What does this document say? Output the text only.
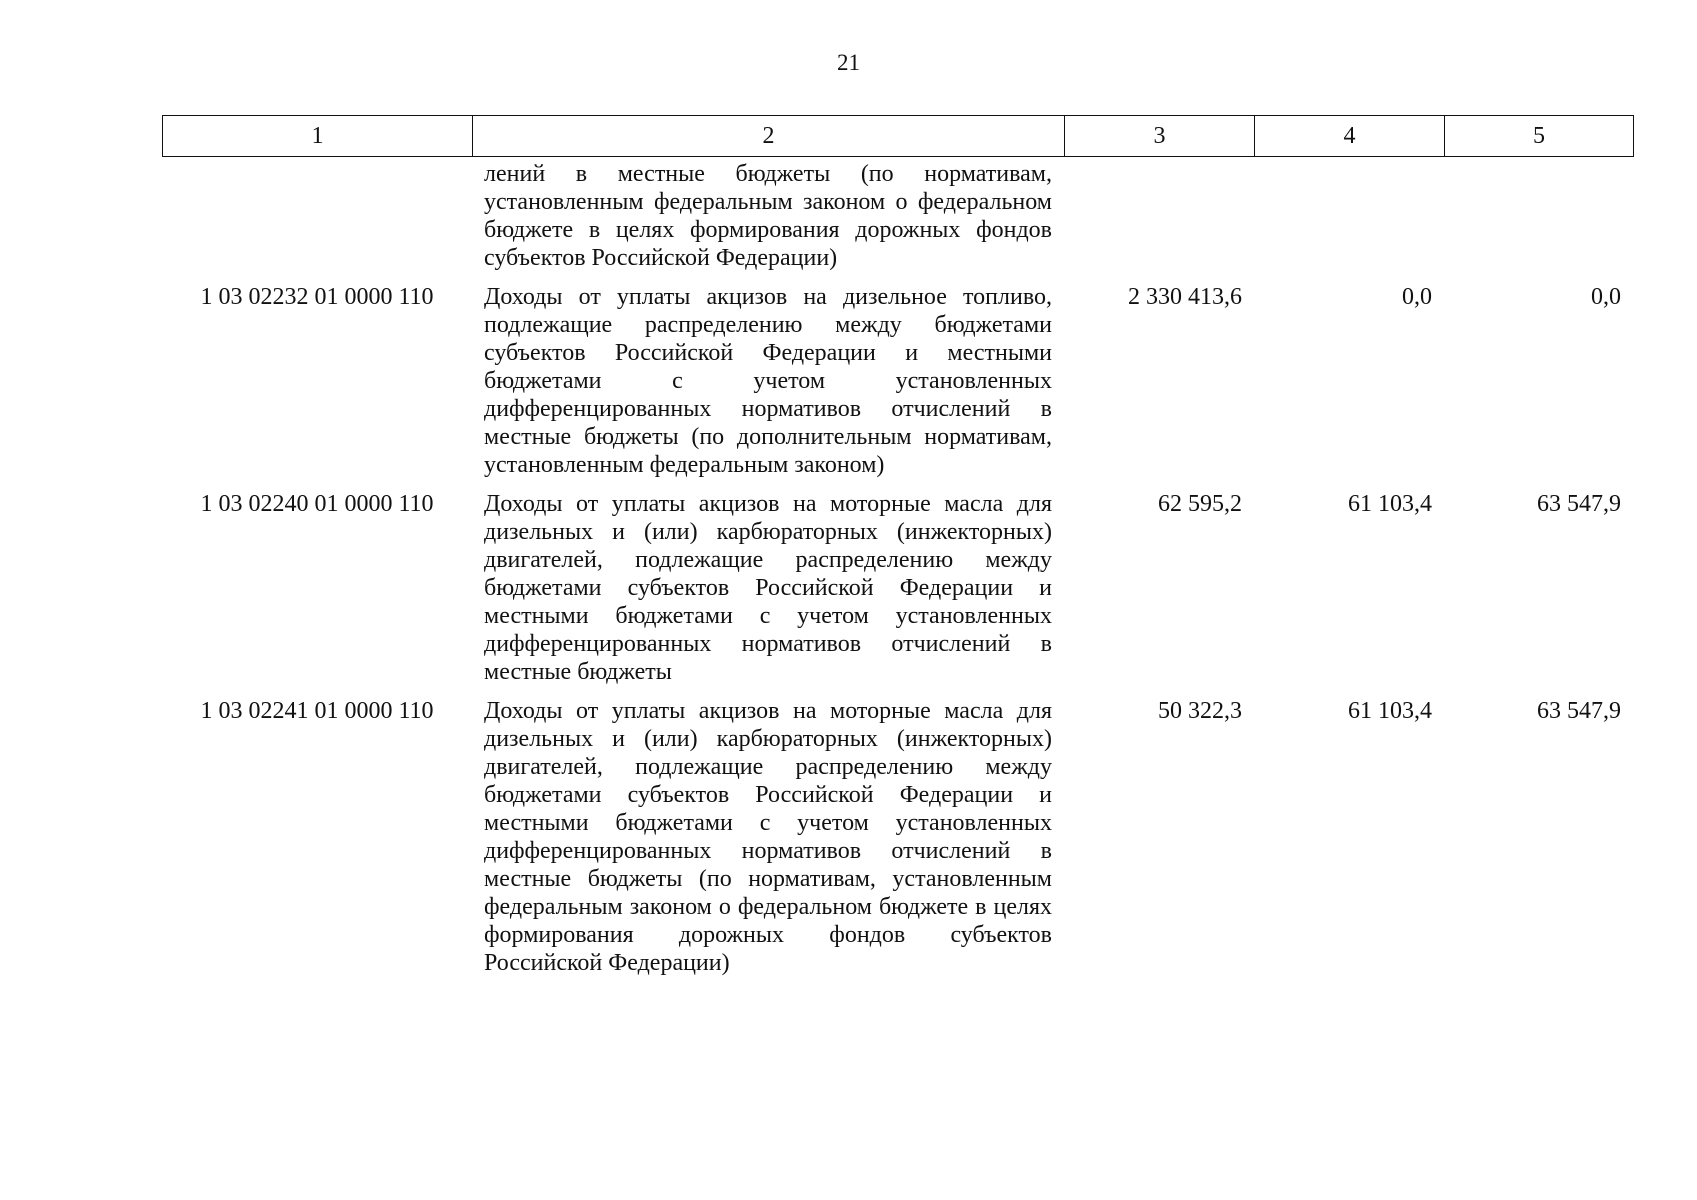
21
1	2	3	4	5
	лений в местные бюджеты (по нормативам, установленным федеральным законом о федеральном бюджете в целях формирования дорожных фондов субъектов Российской Федерации)			
1 03 02232 01 0000 110	Доходы от уплаты акцизов на дизельное топливо, подлежащие распределению между бюджетами субъектов Российской Федерации и местными бюджетами с учетом установленных дифференцированных нормативов отчислений в местные бюджеты (по дополнительным нормативам, установленным федеральным законом)	2 330 413,6	0,0	0,0
1 03 02240 01 0000 110	Доходы от уплаты акцизов на моторные масла для дизельных и (или) карбюраторных (инжекторных) двигателей, подлежащие распределению между бюджетами субъектов Российской Федерации и местными бюджетами с учетом установленных дифференцированных нормативов отчислений в местные бюджеты	62 595,2	61 103,4	63 547,9
1 03 02241 01 0000 110	Доходы от уплаты акцизов на моторные масла для дизельных и (или) карбюраторных (инжекторных) двигателей, подлежащие распределению между бюджетами субъектов Российской Федерации и местными бюджетами с учетом установленных дифференцированных нормативов отчислений в местные бюджеты (по нормативам, установленным федеральным законом о федеральном бюджете в целях формирования дорожных фондов субъектов Российской Федерации)	50 322,3	61 103,4	63 547,9
